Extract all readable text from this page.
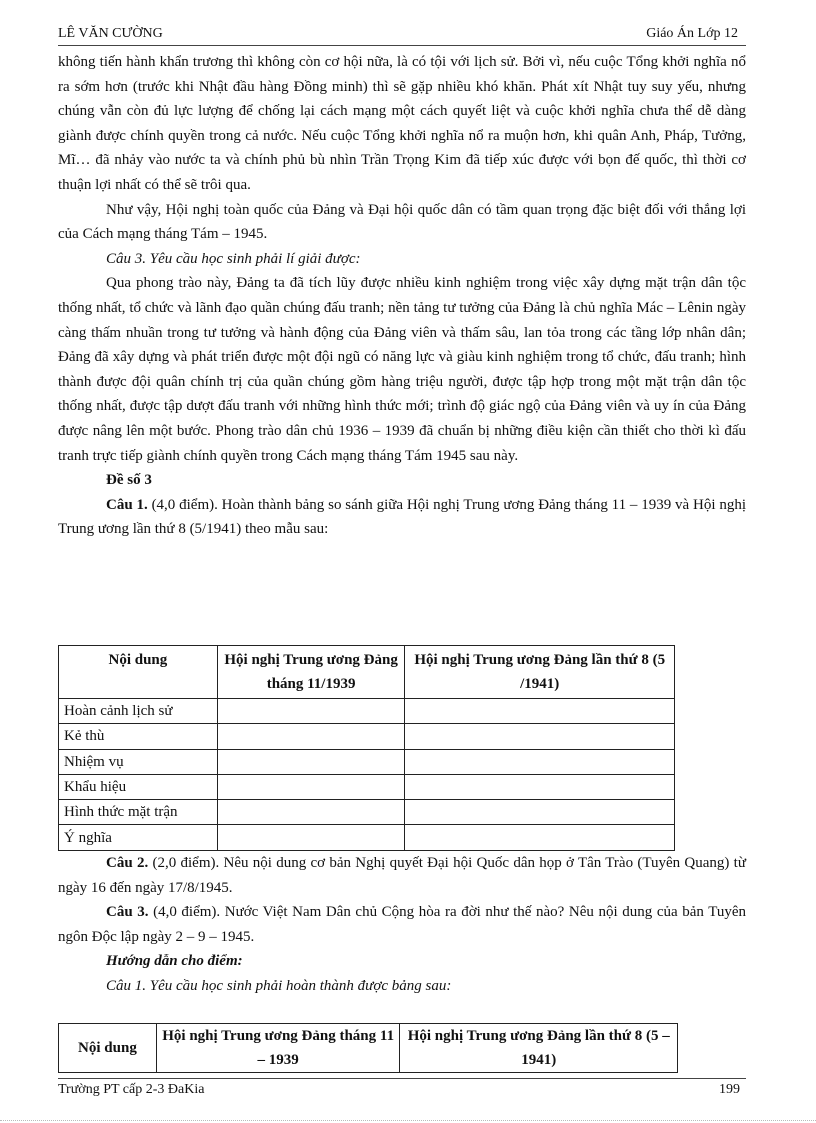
LÊ VĂN CƯỜNG	Giáo Án Lớp 12

không tiến hành khẩn trương thì không còn cơ hội nữa, là có tội với lịch sử. Bởi vì, nếu cuộc Tổng khởi nghĩa nổ ra sớm hơn (trước khi Nhật đầu hàng Đồng minh) thì sẽ gặp nhiều khó khăn. Phát xít Nhật tuy suy yếu, nhưng chúng vẫn còn đủ lực lượng để chống lại cách mạng một cách quyết liệt và cuộc khởi nghĩa chưa thể dễ dàng giành được chính quyền trong cả nước. Nếu cuộc Tổng khởi nghĩa nổ ra muộn hơn, khi quân Anh, Pháp, Tưởng, Mĩ… đã nhảy vào nước ta và chính phủ bù nhìn Trần Trọng Kim đã tiếp xúc được với bọn đế quốc, thì thời cơ thuận lợi nhất có thể sẽ trôi qua.

Như vậy, Hội nghị toàn quốc của Đảng và Đại hội quốc dân có tầm quan trọng đặc biệt đối với thắng lợi của Cách mạng tháng Tám – 1945.

Câu 3. Yêu cầu học sinh phải lí giải được:

Qua phong trào này, Đảng ta đã tích lũy được nhiều kinh nghiệm trong việc xây dựng mặt trận dân tộc thống nhất, tổ chức và lãnh đạo quần chúng đấu tranh; nền tảng tư tưởng của Đảng là chủ nghĩa Mác – Lênin ngày càng thấm nhuần trong tư tưởng và hành động của Đảng viên và thấm sâu, lan tỏa trong các tầng lớp nhân dân; Đảng đã xây dựng và phát triển được một đội ngũ có năng lực và giàu kinh nghiệm trong tổ chức, đấu tranh; hình thành được đội quân chính trị của quần chúng gồm hàng triệu người, được tập hợp trong một mặt trận dân tộc thống nhất, được tập dượt đấu tranh với những hình thức mới; trình độ giác ngộ của Đảng viên và uy ín của Đảng được nâng lên một bước. Phong trào dân chủ 1936 – 1939 đã chuẩn bị những điều kiện cần thiết cho thời kì đấu tranh trực tiếp giành chính quyền trong Cách mạng tháng Tám 1945 sau này.

Đề số 3

Câu 1. (4,0 điểm). Hoàn thành bảng so sánh giữa Hội nghị Trung ương Đảng tháng 11 – 1939 và Hội nghị Trung ương lần thứ 8 (5/1941) theo mẫu sau:

Nội dung	Hội nghị Trung ương Đảng tháng 11/1939	Hội nghị Trung ương Đảng lần thứ 8 (5 /1941)
Hoàn cảnh lịch sử		
Kẻ thù		
Nhiệm vụ		
Khẩu hiệu		
Hình thức mặt trận		
Ý nghĩa		

Câu 2. (2,0 điểm). Nêu nội dung cơ bản Nghị quyết Đại hội Quốc dân họp ở Tân Trào (Tuyên Quang) từ ngày 16 đến ngày 17/8/1945.

Câu 3. (4,0 điểm). Nước Việt Nam Dân chủ Cộng hòa ra đời như thế nào? Nêu nội dung của bản Tuyên ngôn Độc lập ngày 2 – 9 – 1945.

Hướng dẫn cho điểm:

Câu 1. Yêu cầu học sinh phải hoàn thành được bảng sau:

Nội dung	Hội nghị Trung ương Đảng tháng 11 – 1939	Hội nghị Trung ương Đảng lần thứ 8 (5 – 1941)
Trường PT cấp 2-3 ĐaKia	199
